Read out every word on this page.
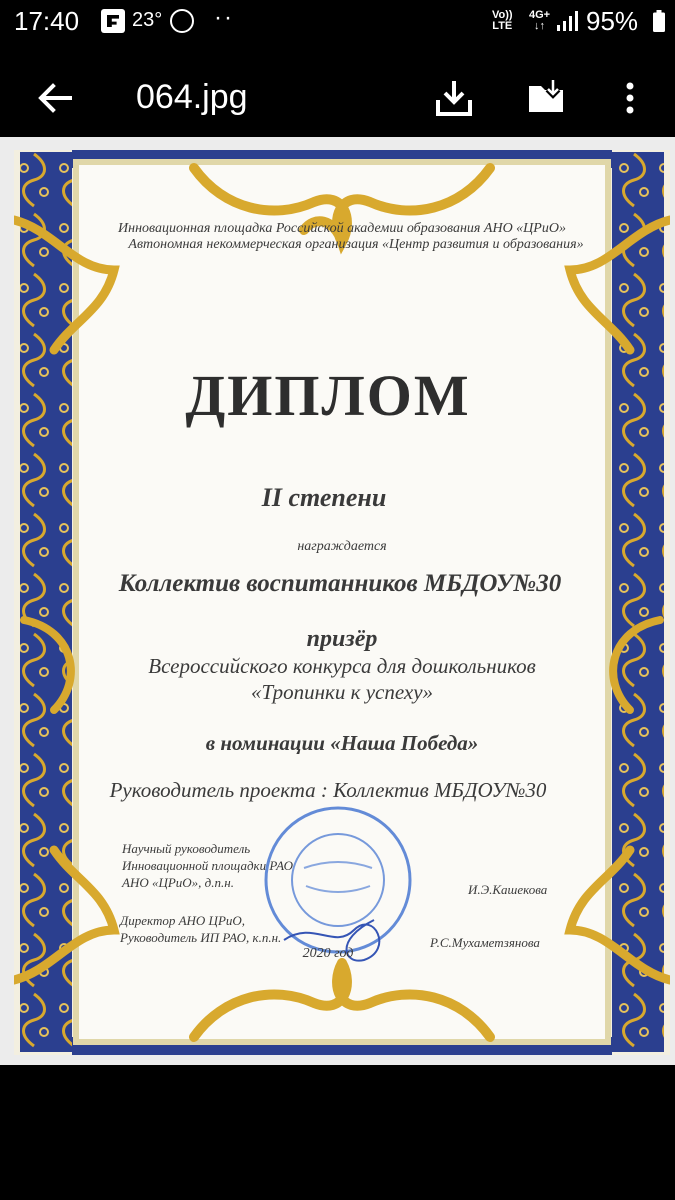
17:40	23° ··	Vo))
LTE
4G+
↓↑ 95%
064.jpg
Инновационная площадка Российской академии образования АНО «ЦРиО»
Автономная некоммерческая организация «Центр развития и образования»
ДИПЛОМ
II степени
награждается
Коллектив воспитанников МБДОУ№30
призёр
Всероссийского конкурса для дошкольников
«Тропинки к успеху»
в номинации «Наша Победа»
Руководитель проекта : Коллектив МБДОУ№30
Научный руководитель
Инновационной площадки РАО
АНО «ЦРиО», д.п.н.	И.Э.Кашекова
Директор АНО ЦРиО,
Руководитель ИП РАО, к.п.н.	Р.С.Мухаметзянова
2020 год
